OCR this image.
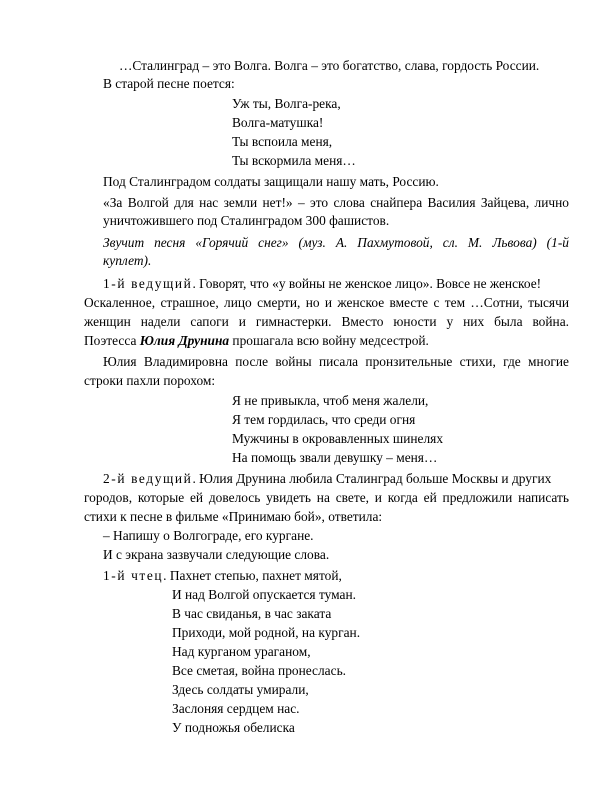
…Сталинград – это Волга. Волга – это богатство, слава, гордость России.
В старой песне поется:
Уж ты, Волга-река,
Волга-матушка!
Ты вспоила меня,
Ты вскормила меня…
Под Сталинградом солдаты защищали нашу мать, Россию.
«За Волгой для нас земли нет!» – это слова снайпера Василия Зайцева, лично
уничтожившего под Сталинградом 300 фашистов.
Звучит песня «Горячий снег» (муз. А. Пахмутовой, сл. М. Львова) (1-й
куплет).
1-й ведущий. Говорят, что «у войны не женское лицо». Вовсе не женское!
Оскаленное, страшное, лицо смерти, но и женское вместе с тем …Сотни, тысячи
женщин надели сапоги и гимнастерки. Вместо юности у них была война.
Поэтесса Юлия Друнина прошагала всю войну медсестрой.
Юлия Владимировна после войны писала пронзительные стихи, где многие
строки пахли порохом:
Я не привыкла, чтоб меня жалели,
Я тем гордилась, что среди огня
Мужчины в окровавленных шинелях
На помощь звали девушку – меня…
2-й ведущий. Юлия Друнина любила Сталинград больше Москвы и других
городов, которые ей довелось увидеть на свете, и когда ей предложили написать
стихи к песне в фильме «Принимаю бой», ответила:
– Напишу о Волгограде, его кургане.
И с экрана зазвучали следующие слова.
1-й чтец. Пахнет степью, пахнет мятой,
И над Волгой опускается туман.
В час свиданья, в час заката
Приходи, мой родной, на курган.
Над курганом ураганом,
Все сметая, война пронеслась.
Здесь солдаты умирали,
Заслоняя сердцем нас.
У подножья обелиска
